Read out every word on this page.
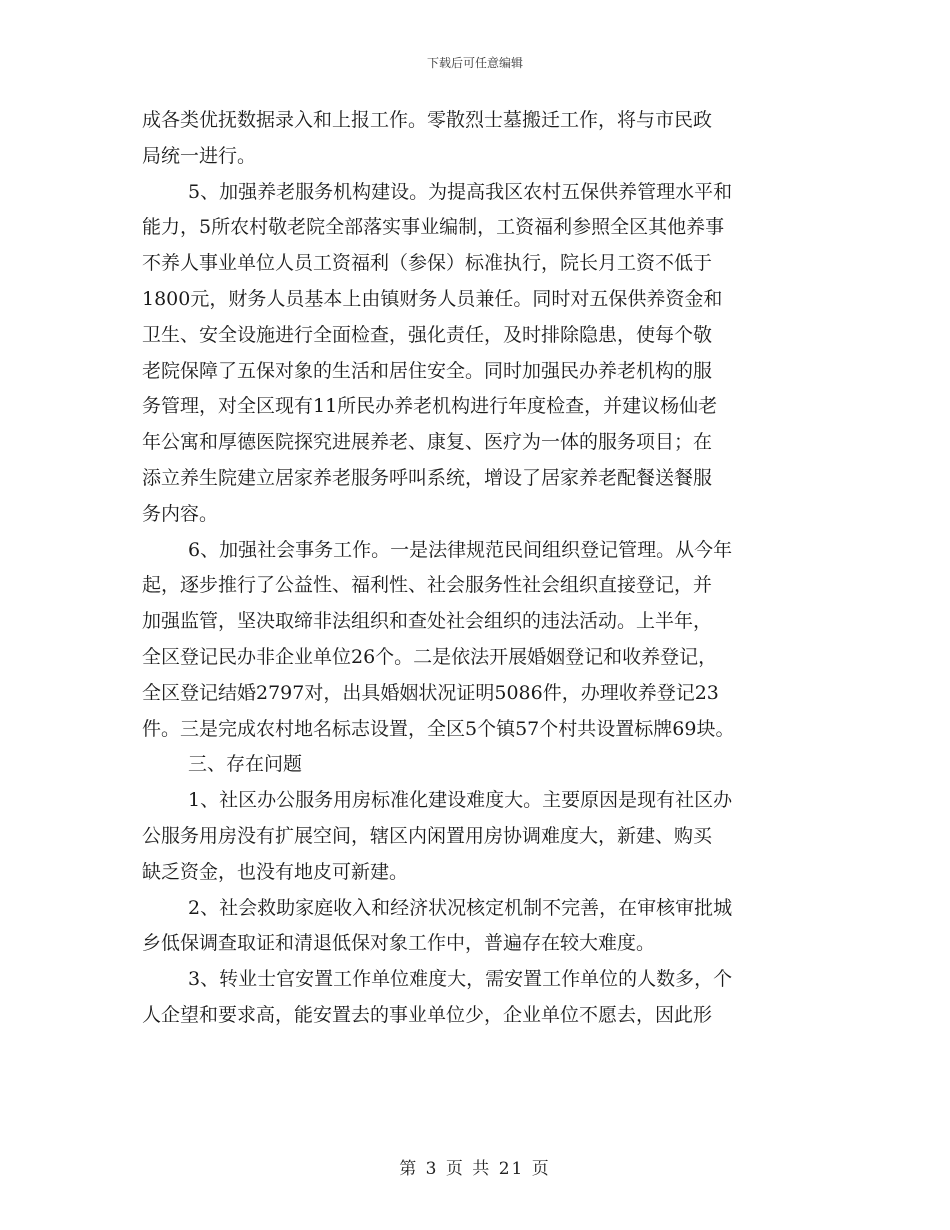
下载后可任意编辑
成各类优抚数据录入和上报工作。零散烈士墓搬迁工作，将与市民政
局统一进行。
5、加强养老服务机构建设。为提高我区农村五保供养管理水平和
能力，5所农村敬老院全部落实事业编制，工资福利参照全区其他养事
不养人事业单位人员工资福利（参保）标准执行，院长月工资不低于
1800元，财务人员基本上由镇财务人员兼任。同时对五保供养资金和
卫生、安全设施进行全面检查，强化责任，及时排除隐患，使每个敬
老院保障了五保对象的生活和居住安全。同时加强民办养老机构的服
务管理，对全区现有11所民办养老机构进行年度检查，并建议杨仙老
年公寓和厚德医院探究进展养老、康复、医疗为一体的服务项目；在
添立养生院建立居家养老服务呼叫系统，增设了居家养老配餐送餐服
务内容。
6、加强社会事务工作。一是法律规范民间组织登记管理。从今年
起，逐步推行了公益性、福利性、社会服务性社会组织直接登记，并
加强监管，坚决取缔非法组织和查处社会组织的违法活动。上半年，
全区登记民办非企业单位26个。二是依法开展婚姻登记和收养登记，
全区登记结婚2797对，出具婚姻状况证明5086件，办理收养登记23
件。三是完成农村地名标志设置，全区5个镇57个村共设置标牌69块。
三、存在问题
1、社区办公服务用房标准化建设难度大。主要原因是现有社区办
公服务用房没有扩展空间，辖区内闲置用房协调难度大，新建、购买
缺乏资金，也没有地皮可新建。
2、社会救助家庭收入和经济状况核定机制不完善，在审核审批城
乡低保调查取证和清退低保对象工作中，普遍存在较大难度。
3、转业士官安置工作单位难度大，需安置工作单位的人数多，个
人企望和要求高，能安置去的事业单位少，企业单位不愿去，因此形
第 3 页 共 21 页
